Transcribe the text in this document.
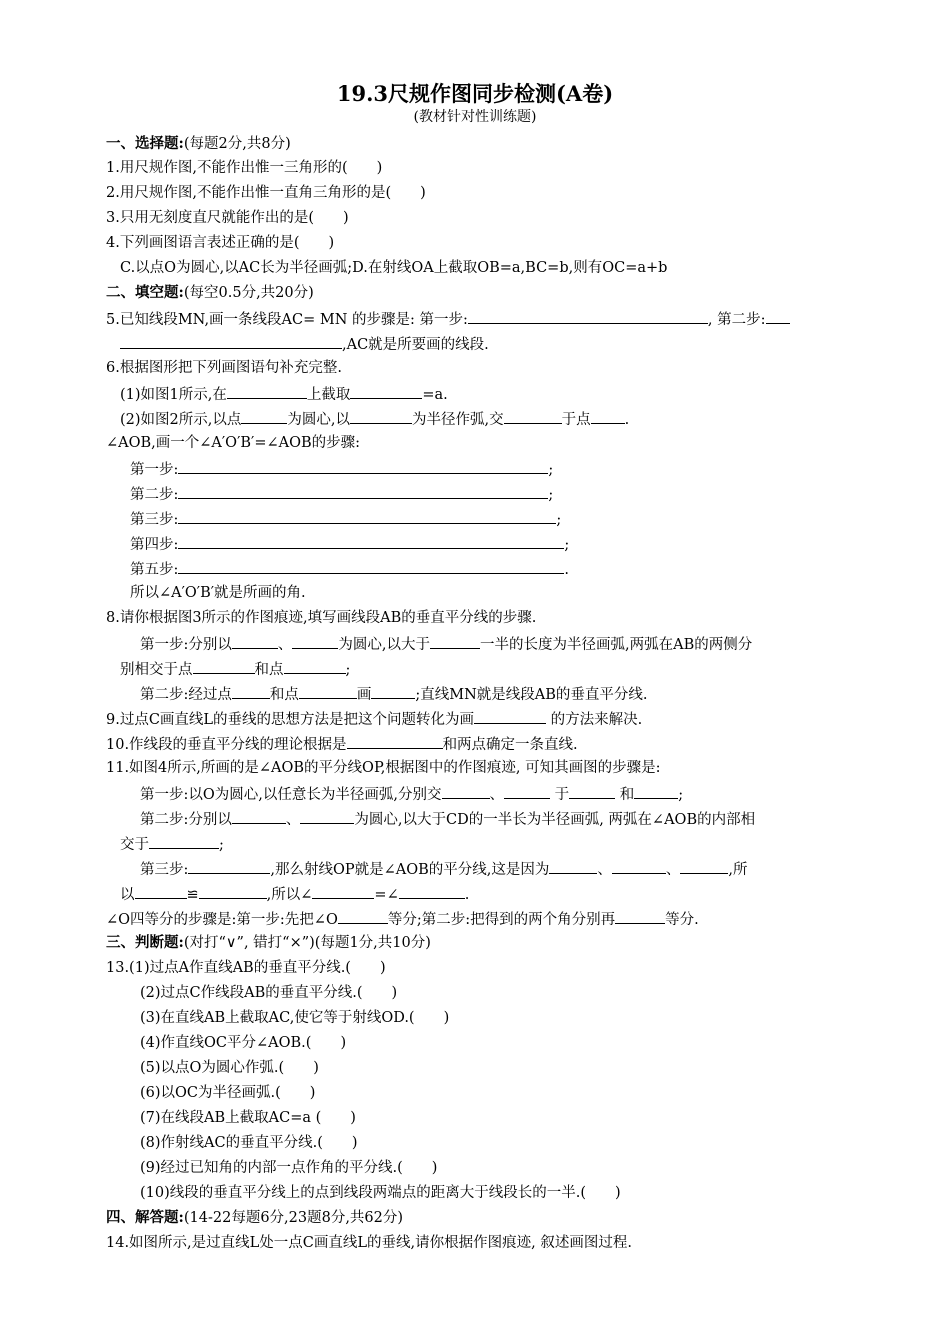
19.3尺规作图同步检测(A卷)
(教材针对性训练题)
一、选择题:(每题2分,共8分)
1.用尺规作图,不能作出惟一三角形的(　　)
2.用尺规作图,不能作出惟一直角三角形的是(　　)
3.只用无刻度直尺就能作出的是(　　)
4.下列画图语言表述正确的是(　　)
C.以点O为圆心,以AC长为半径画弧;D.在射线OA上截取OB=a,BC=b,则有OC=a+b
二、填空题:(每空0.5分,共20分)
5.已知线段MN,画一条线段AC= MN 的步骤是: 第一步:	, 第二步:
,AC就是所要画的线段.
6.根据图形把下列画图语句补充完整.
(1)如图1所示,在	上截取	=a.
(2)如图2所示,以点	为圆心,以	为半径作弧,交	于点 .
∠AOB,画一个∠A′O′B′=∠AOB的步骤:
第一步:	;
第二步:	;
第三步:	;
第四步:	;
第五步:	.
所以∠A′O′B′就是所画的角.
8.请你根据图3所示的作图痕迹,填写画线段AB的垂直平分线的步骤.
第一步:分别以	、	为圆心,以大于	一半的长度为半径画弧,两弧在AB的两侧分
别相交于点	和点	;
第二步:经过点	和点	画	;直线MN就是线段AB的垂直平分线.
9.过点C画直线L的垂线的思想方法是把这个问题转化为画	的方法来解决.
10.作线段的垂直平分线的理论根据是	和两点确定一条直线.
11.如图4所示,所画的是∠AOB的平分线OP,根据图中的作图痕迹, 可知其画图的步骤是:
第一步:以O为圆心,以任意长为半径画弧,分别交	、	于	和	;
第二步:分别以	、	为圆心,以大于CD的一半长为半径画弧, 两弧在∠AOB的内部相
交于	;
第三步:	,那么射线OP就是∠AOB的平分线,这是因为	、	、	,所
以	≌	,所以∠	=∠	.
∠O四等分的步骤是:第一步:先把∠O	等分;第二步:把得到的两个角分别再	等分.
三、判断题:(对打“∨”, 错打“×”)(每题1分,共10分)
13.(1)过点A作直线AB的垂直平分线.(　　)
(2)过点C作线段AB的垂直平分线.(　　)
(3)在直线AB上截取AC,使它等于射线OD.(　　)
(4)作直线OC平分∠AOB.(　　)
(5)以点O为圆心作弧.(　　)
(6)以OC为半径画弧.(　　)
(7)在线段AB上截取AC=a (　　)
(8)作射线AC的垂直平分线.(　　)
(9)经过已知角的内部一点作角的平分线.(　　)
(10)线段的垂直平分线上的点到线段两端点的距离大于线段长的一半.(　　)
四、解答题:(14-22每题6分,23题8分,共62分)
14.如图所示,是过直线L处一点C画直线L的垂线,请你根据作图痕迹, 叙述画图过程.
